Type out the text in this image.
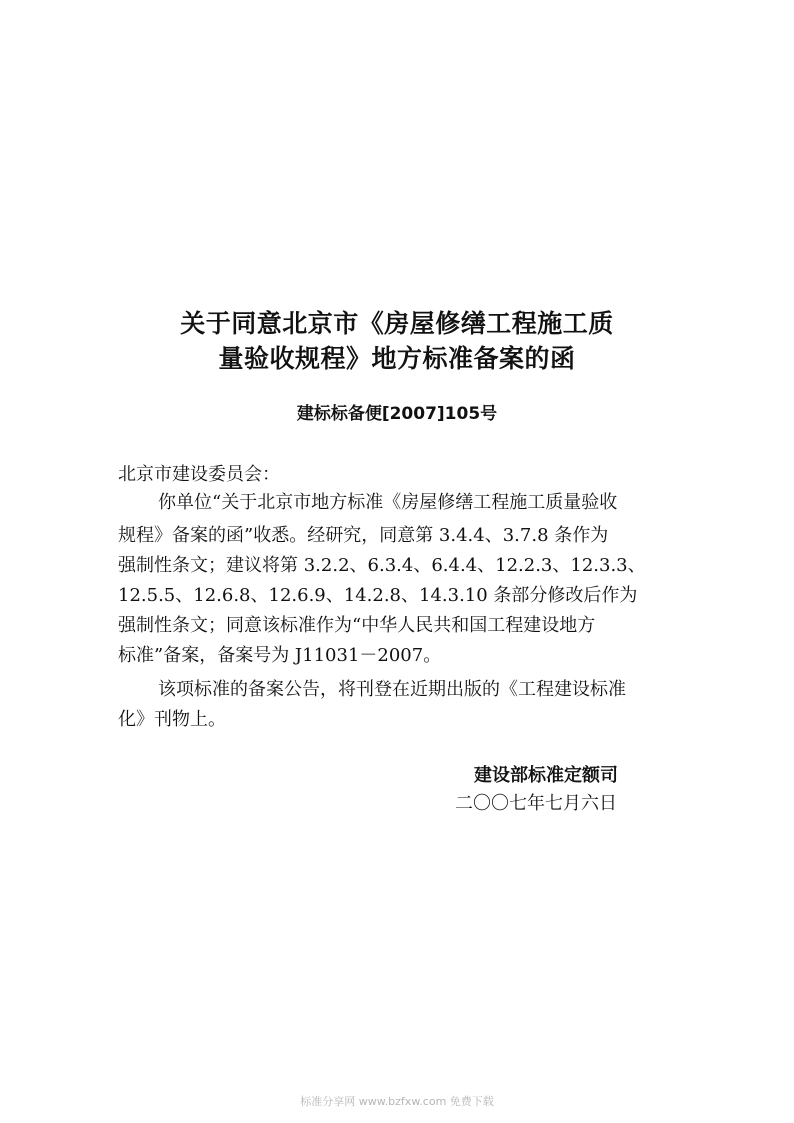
关于同意北京市《房屋修缮工程施工质
量验收规程》地方标准备案的函
建标标备便[2007]105号
北京市建设委员会：
你单位“关于北京市地方标准《房屋修缮工程施工质量验收
规程》备案的函”收悉。经研究，同意第 3.4.4、3.7.8 条作为
强制性条文；建议将第 3.2.2、6.3.4、6.4.4、12.2.3、12.3.3、
12.5.5、12.6.8、12.6.9、14.2.8、14.3.10 条部分修改后作为
强制性条文；同意该标准作为“中华人民共和国工程建设地方
标准”备案，备案号为 J11031－2007。
该项标准的备案公告，将刊登在近期出版的《工程建设标准
化》刊物上。
建设部标准定额司
二〇〇七年七月六日
标准分享网 www.bzfxw.com 免费下载
